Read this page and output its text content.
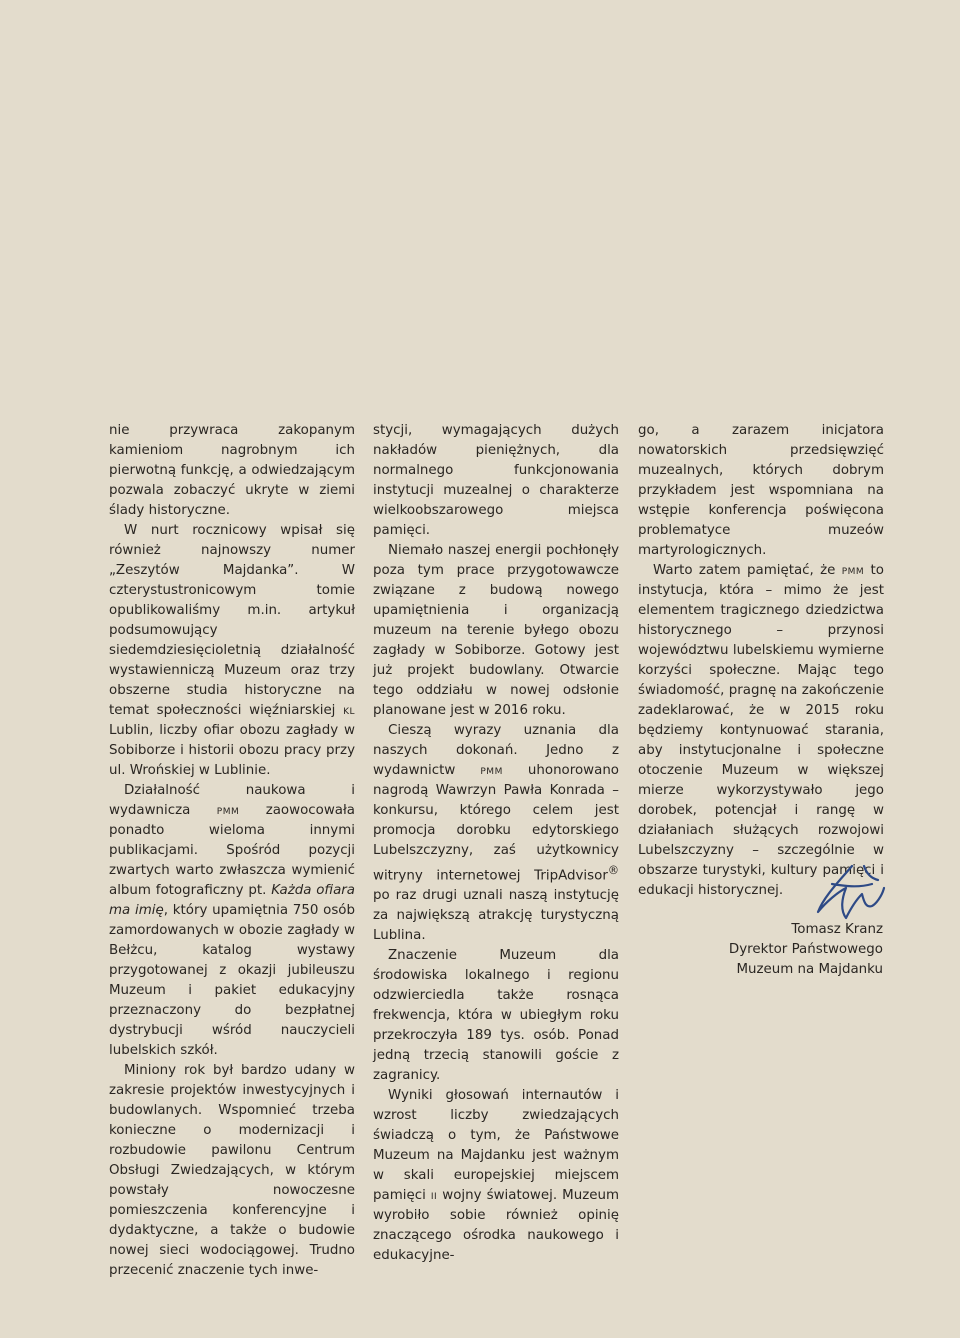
nie przywraca zakopanym kamieniom nagrobnym ich pierwotną funkcję, a odwiedzającym pozwala zobaczyć ukryte w ziemi ślady historyczne.

W nurt rocznicowy wpisał się również najnowszy numer „Zeszytów Majdanka”. W czterystustronicowym tomie opublikowaliśmy m.in. artykuł podsumowujący siedemdziesięcioletnią działalność wystawienniczą Muzeum oraz trzy obszerne studia historyczne na temat społeczności więźniarskiej kl Lublin, liczby ofiar obozu zagłady w Sobiborze i historii obozu pracy przy ul. Wrońskiej w Lublinie.

Działalność naukowa i wydawnicza pmm zaowocowała ponadto wieloma innymi publikacjami. Spośród pozycji zwartych warto zwłaszcza wymienić album fotograficzny pt. Każda ofiara ma imię, który upamiętnia 750 osób zamordowanych w obozie zagłady w Bełżcu, katalog wystawy przygotowanej z okazji jubileuszu Muzeum i pakiet edukacyjny przeznaczony do bezpłatnej dystrybucji wśród nauczycieli lubelskich szkół.

Miniony rok był bardzo udany w zakresie projektów inwestycyjnych i budowlanych. Wspomnieć trzeba konieczne o modernizacji i rozbudowie pawilonu Centrum Obsługi Zwiedzających, w którym powstały nowoczesne pomieszczenia konferencyjne i dydaktyczne, a także o budowie nowej sieci wodociągowej. Trudno przecenić znaczenie tych inwe-

stycji, wymagających dużych nakładów pieniężnych, dla normalnego funkcjonowania instytucji muzealnej o charakterze wielkoobszarowego miejsca pamięci.

Niemało naszej energii pochłonęły poza tym prace przygotowawcze związane z budową nowego upamiętnienia i organizacją muzeum na terenie byłego obozu zagłady w Sobiborze. Gotowy jest już projekt budowlany. Otwarcie tego oddziału w nowej odsłonie planowane jest w 2016 roku.

Cieszą wyrazy uznania dla naszych dokonań. Jedno z wydawnictw pmm uhonorowano nagrodą Wawrzyn Pawła Konrada – konkursu, którego celem jest promocja dorobku edytorskiego Lubelszczyzny, zaś użytkownicy witryny internetowej TripAdvisor® po raz drugi uznali naszą instytucję za największą atrakcję turystyczną Lublina.

Znaczenie Muzeum dla środowiska lokalnego i regionu odzwierciedla także rosnąca frekwencja, która w ubiegłym roku przekroczyła 189 tys. osób. Ponad jedną trzecią stanowili goście z zagranicy.

Wyniki głosowań internautów i wzrost liczby zwiedzających świadczą o tym, że Państwowe Muzeum na Majdanku jest ważnym w skali europejskiej miejscem pamięci ii wojny światowej. Muzeum wyrobiło sobie również opinię znaczącego ośrodka naukowego i edukacyjne-

go, a zarazem inicjatora nowatorskich przedsięwzięć muzealnych, których dobrym przykładem jest wspomniana na wstępie konferencja poświęcona problematyce muzeów martyrologicznych.

Warto zatem pamiętać, że pmm to instytucja, która – mimo że jest elementem tragicznego dziedzictwa historycznego – przynosi województwu lubelskiemu wymierne korzyści społeczne. Mając tego świadomość, pragnę na zakończenie zadeklarować, że w 2015 roku będziemy kontynuować starania, aby instytucjonalne i społeczne otoczenie Muzeum w większej mierze wykorzystywało jego dorobek, potencjał i rangę w działaniach służących rozwojowi Lubelszczyzny – szczególnie w obszarze turystyki, kultury pamięci i edukacji historycznej.

Tomasz Kranz
Dyrektor Państwowego
Muzeum na Majdanku
